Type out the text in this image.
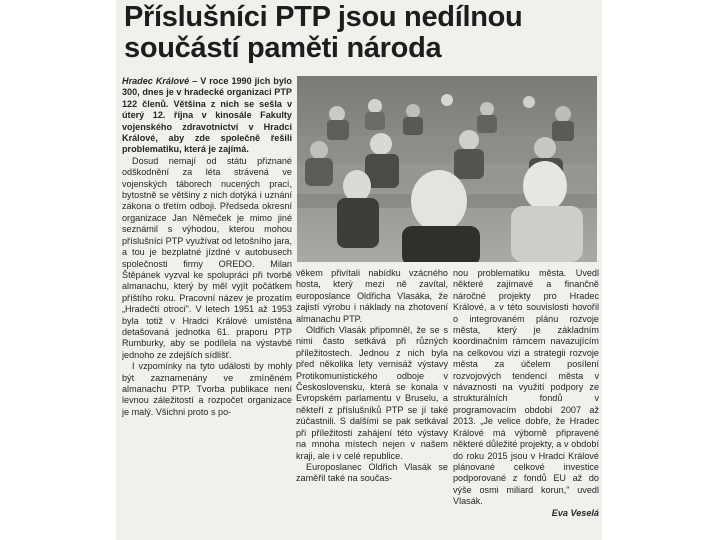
Příslušníci PTP jsou nedílnou
součástí paměti národa

Hradec Králové – V roce 1990 jich bylo 300, dnes je v hradecké organizaci PTP 122 členů. Většina z nich se sešla v úterý 12. října v kinosále Fakulty vojenského zdravotnictví v Hradci Králové, aby zde společně řešili problematiku, která je zajímá.

Dosud nemají od státu přiznané odškodnění za léta strávená ve vojenských táborech nucených prací, bytostně se většiny z nich dotýká i uznání zákona o třetím odboji. Předseda okresní organizace Jan Němeček je mimo jiné seznámil s výhodou, kterou mohou příslušníci PTP využívat od letošního jara, a tou je bezplatné jízdné v autobusech společnosti firmy OREDO. Milan Štěpánek vyzval ke spolupráci při tvorbě almanachu, který by měl vyjít počátkem příštího roku. Pracovní název je prozatím „Hradečtí otroci". V letech 1951 až 1953 byla totiž v Hradci Králové umístěna detašovaná jednotka 61. praporu PTP Rumburky, aby se podílela na výstavbě jednoho ze zdejších sídlišť.

I vzpomínky na tyto události by mohly být zaznamenány ve zmíněném almanachu PTP. Tvorba publikace není levnou záležitostí a rozpočet organizace je malý. Všichni proto s po-

věkem přivítali nabídku vzácného hosta, který mezi ně zavítal, europoslance Oldřicha Vlasáka, že zajistí výrobu i náklady na zhotovení almanachu PTP.

Oldřich Vlasák připomněl, že se s nimi často setkává při různých příležitostech. Jednou z nich byla před několika lety vernisáž výstavy Protikomunistického odboje v Československu, která se konala v Evropském parlamentu v Bruselu, a někteří z příslušníků PTP se jí také zúčastnili. S dalšími se pak setkával při příležitosti zahájení této výstavy na mnoha místech nejen v našem kraji, ale i v celé republice.

Europoslanec Oldřich Vlasák se zaměřil také na součas-

nou problematiku města. Uvedl některé zajímavé a finančně náročné projekty pro Hradec Králové, a v této souvislosti hovořil o integrovaném plánu rozvoje města, který je základním koordinačním rámcem navazujícím na celkovou vizi a strategii rozvoje města za účelem posílení rozvojových tendencí města v návaznosti na využití podpory ze strukturálních fondů v programovacím období 2007 až 2013. „Je velice dobře, že Hradec Králové má výborně připravené některé důležité projekty, a v období do roku 2015 jsou v Hradci Králové plánované celkové investice podporované z fondů EU až do výše osmi miliard korun," uvedl Vlasák.

Eva Veselá
